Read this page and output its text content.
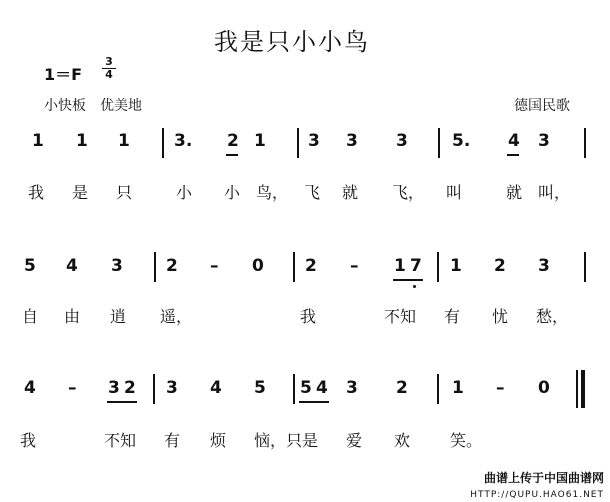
我是只小小鸟
1＝F
3
4
小快板　优美地	德国民歌
1 1 1	3. 2 1 3 3 3	5. 4 3
我 是 只	小 小 鸟， 飞 就 飞， 叫	就 叫，
5 4 3	2 – 0 2 – 1 7 1 2 3
自 由 逍 遥，	我	不知 有 忧 愁，
4 – 3 2 3 4 5 5 4 3 2	1 – 0
我	不知 有 烦 恼， 只是 爱 欢 笑。
曲谱上传于中国曲谱网
HTTP://QUPU.HAO61.NET
